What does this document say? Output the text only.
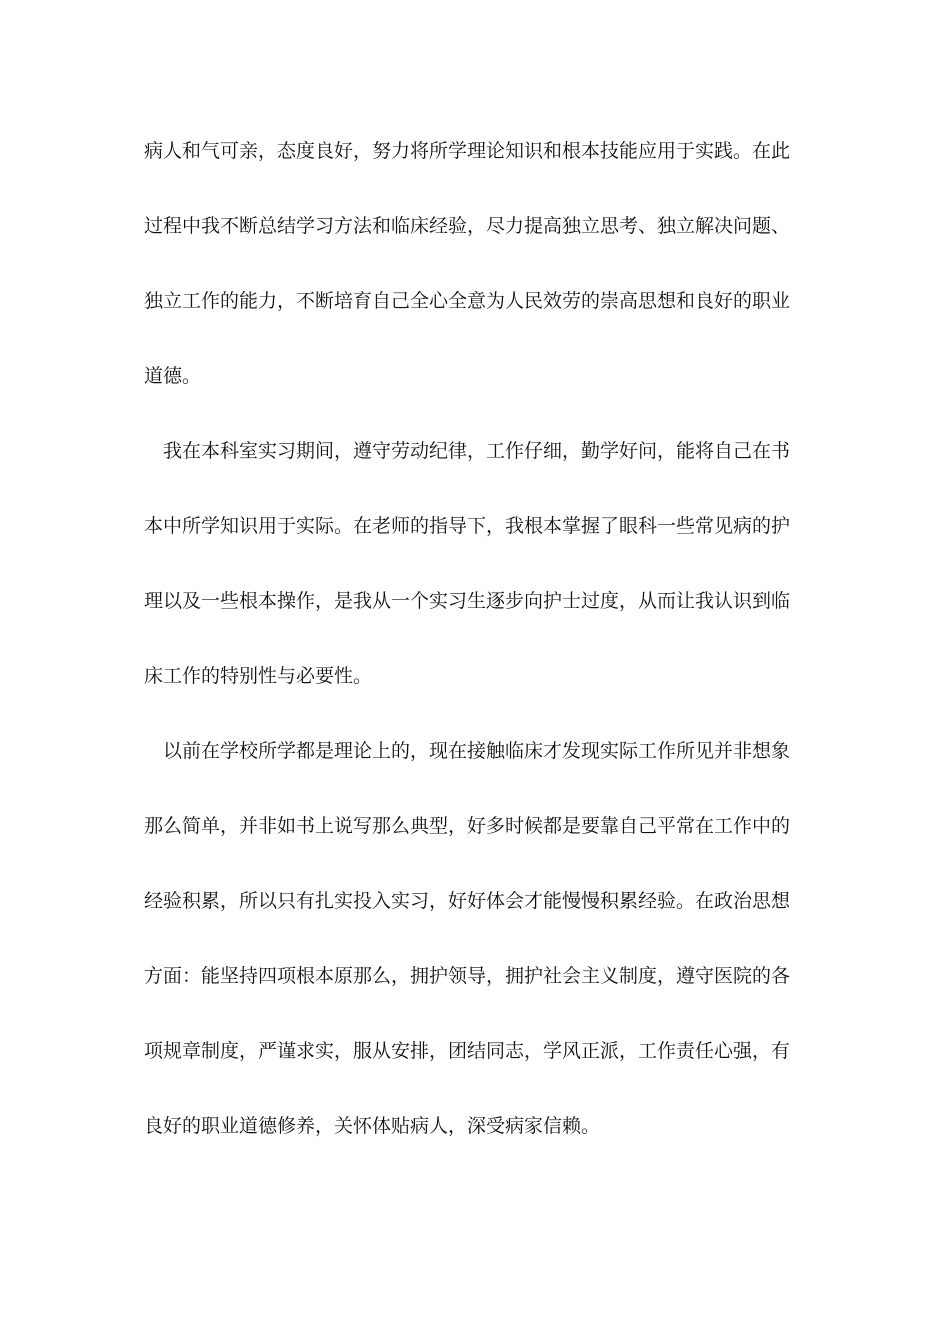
病人和气可亲，态度良好，努力将所学理论知识和根本技能应用于实践。在此
过程中我不断总结学习方法和临床经验，尽力提高独立思考、独立解决问题、
独立工作的能力，不断培育自己全心全意为人民效劳的崇高思想和良好的职业
道德。

我在本科室实习期间，遵守劳动纪律，工作仔细，勤学好问，能将自己在书
本中所学知识用于实际。在老师的指导下，我根本掌握了眼科一些常见病的护
理以及一些根本操作，是我从一个实习生逐步向护士过度，从而让我认识到临
床工作的特别性与必要性。

以前在学校所学都是理论上的，现在接触临床才发现实际工作所见并非想象
那么简单，并非如书上说写那么典型，好多时候都是要靠自己平常在工作中的
经验积累，所以只有扎实投入实习，好好体会才能慢慢积累经验。在政治思想
方面：能坚持四项根本原那么，拥护领导，拥护社会主义制度，遵守医院的各
项规章制度，严谨求实，服从安排，团结同志，学风正派，工作责任心强，有
良好的职业道德修养，关怀体贴病人，深受病家信赖。
